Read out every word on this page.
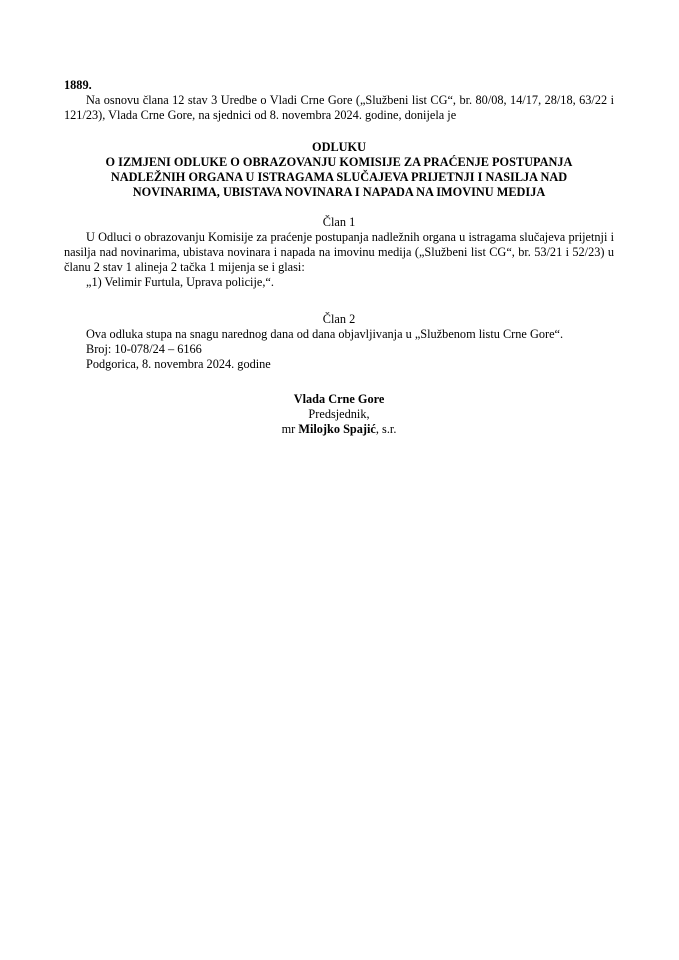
1889.

Na osnovu člana 12 stav 3 Uredbe o Vladi Crne Gore („Službeni list CG“, br. 80/08, 14/17, 28/18, 63/22 i 121/23), Vlada Crne Gore, na sjednici od 8. novembra 2024. godine, donijela je

ODLUKU
O IZMJENI ODLUKE O OBRAZOVANJU KOMISIJE ZA PRAĆENJE POSTUPANJA
NADLEŽNIH ORGANA U ISTRAGAMA SLUČAJEVA PRIJETNJI I NASILJA NAD
NOVINARIMA, UBISTAVA NOVINARA I NAPADA NA IMOVINU MEDIJA

Član 1

U Odluci o obrazovanju Komisije za praćenje postupanja nadležnih organa u istragama slučajeva prijetnji i nasilja nad novinarima, ubistava novinara i napada na imovinu medija („Službeni list CG“, br. 53/21 i 52/23) u članu 2 stav 1 alineja 2 tačka 1 mijenja se i glasi:

„1) Velimir Furtula, Uprava policije,“.

Član 2

Ova odluka stupa na snagu narednog dana od dana objavljivanja u „Službenom listu Crne Gore“.

Broj: 10-078/24 – 6166

Podgorica, 8. novembra 2024. godine

Vlada Crne Gore
Predsjednik,
mr Milojko Spajić, s.r.
